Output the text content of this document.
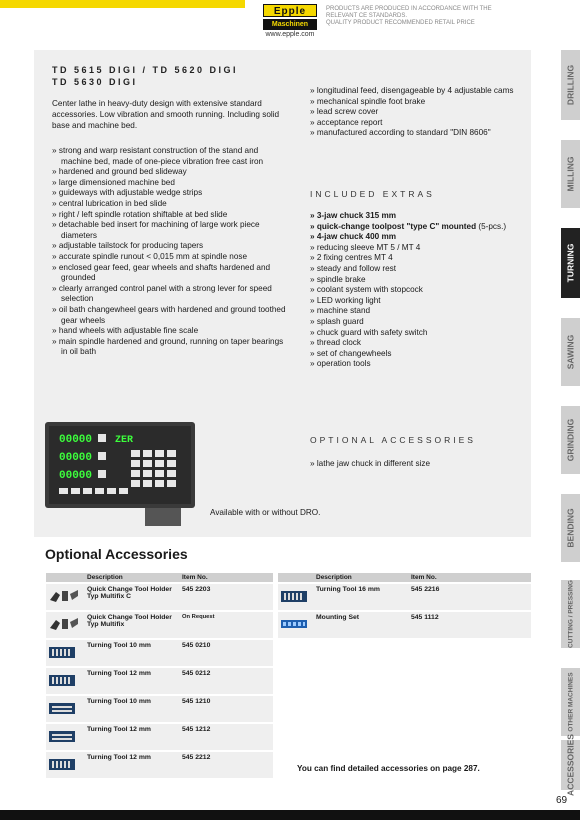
Epple
Maschinen
www.epple.com
PRODUCTS ARE PRODUCED IN ACCORDANCE WITH THE
RELEVANT CE STANDARDS.
QUALITY PRODUCT RECOMMENDED RETAIL PRICE
TD 5615 DIGI / TD 5620 DIGI
TD 5630 DIGI
Center lathe in heavy-duty design with extensive standard accessories. Low vibration and smooth running. Including solid base and machine bed.
» strong and warp resistant construction of the stand and machine bed, made of one-piece vibration free cast iron
» hardened and ground bed slideway
» large dimensioned machine bed
» guideways with adjustable wedge strips
» central lubrication in bed slide
» right / left spindle rotation shiftable at bed slide
» detachable bed insert for machining of large work piece diameters
» adjustable tailstock for producing tapers
» accurate spindle runout < 0,015 mm at spindle nose
» enclosed gear feed, gear wheels and shafts hardened and grounded
» clearly arranged control panel with a strong lever for speed selection
» oil bath changewheel gears with hardened and ground toothed gear wheels
» hand wheels with adjustable fine scale
» main spindle hardened and ground, running on taper bearings in oil bath
» longitudinal feed, disengageable by 4 adjustable cams
» mechanical spindle foot brake
» lead screw cover
» acceptance report
» manufactured according to standard "DIN 8606"
INCLUDED EXTRAS
» 3-jaw chuck 315 mm
» quick-change toolpost "type C" mounted (5-pcs.)
» 4-jaw chuck 400 mm
» reducing sleeve MT 5 / MT 4
» 2 fixing centres MT 4
» steady and follow rest
» spindle brake
» coolant system with stopcock
» LED working light
» machine stand
» splash guard
» chuck guard with safety switch
» thread clock
» set of changewheels
» operation tools
OPTIONAL ACCESSORIES
» lathe jaw chuck in different size
00000 ZER
00000
00000
Available with or without DRO.
Optional Accessories
	Description	Item No.	
	Quick Change Tool Holder Typ Multifix C	545 2203	
	Quick Change Tool Holder Typ Multifix	On Request	
	Turning Tool 10 mm	545 0210	
	Turning Tool 12 mm	545 0212	
	Turning Tool 10 mm	545 1210	
	Turning Tool 12 mm	545 1212	
	Turning Tool 12 mm	545 2212	
	Description	Item No.	
	Turning Tool 16 mm	545 2216	
	Mounting Set	545 1112	
You can find detailed accessories on page 287.
DRILLING
MILLING
TURNING
SAWING
GRINDING
BENDING
CUTTING / PRESSING
OTHER MACHINES
ACCESSORIES
69
